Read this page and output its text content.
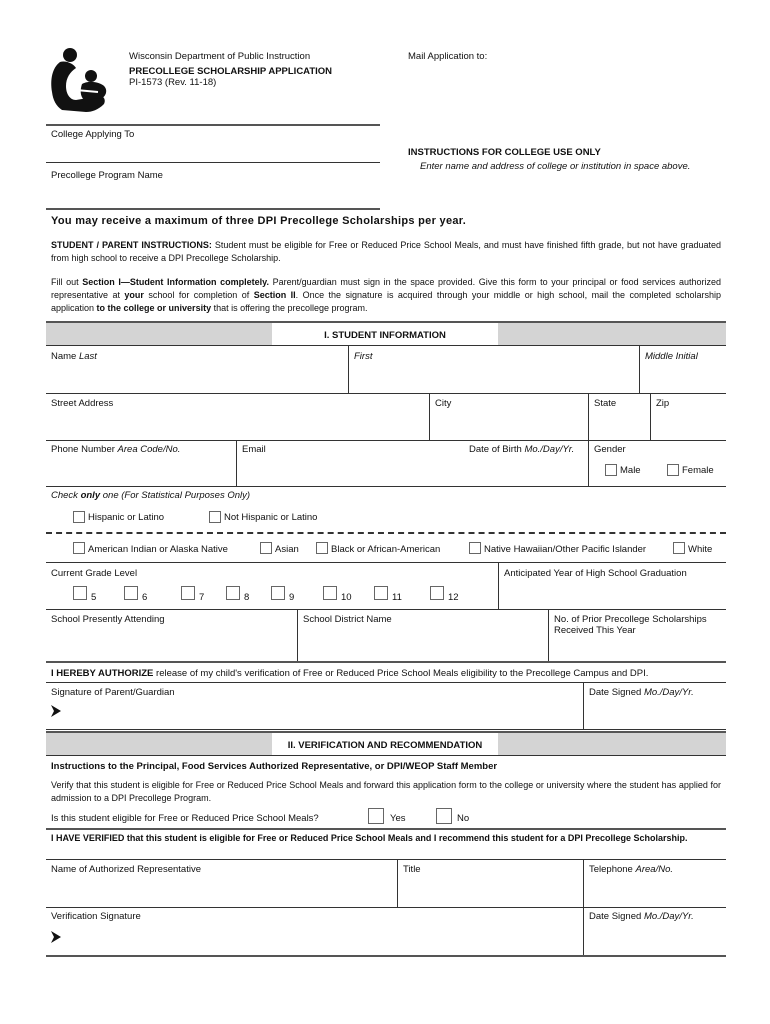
Wisconsin Department of Public Instruction
PRECOLLEGE SCHOLARSHIP APPLICATION
PI-1573 (Rev. 11-18)
Mail Application to:
College Applying To
Precollege Program Name
INSTRUCTIONS FOR COLLEGE USE ONLY
Enter name and address of college or institution in space above.
You may receive a maximum of three DPI Precollege Scholarships per year.

STUDENT / PARENT INSTRUCTIONS: Student must be eligible for Free or Reduced Price School Meals, and must have finished fifth grade, but not have graduated from high school to receive a DPI Precollege Scholarship.

Fill out Section I—Student Information completely. Parent/guardian must sign in the space provided. Give this form to your principal or food services authorized representative at your school for completion of Section II. Once the signature is acquired through your middle or high school, mail the completed scholarship application to the college or university that is offering the precollege program.

I. STUDENT INFORMATION
Name Last	First	Middle Initial
Street Address	City	State	Zip
Phone Number Area Code/No.	Email	Date of Birth Mo./Day/Yr. Gender
Male	Female
Check only one (For Statistical Purposes Only)
Hispanic or Latino	Not Hispanic or Latino
American Indian or Alaska Native	Asian	Black or African-American	Native Hawaiian/Other Pacific Islander	White
Current Grade Level
5	6	7	8	9	10	11	12
Anticipated Year of High School Graduation
School Presently Attending	School District Name	No. of Prior Precollege Scholarships
Received This Year
I HEREBY AUTHORIZE release of my child's verification of Free or Reduced Price School Meals eligibility to the Precollege Campus and DPI.
Signature of Parent/Guardian	Date Signed Mo./Day/Yr.
II. VERIFICATION AND RECOMMENDATION
Instructions to the Principal, Food Services Authorized Representative, or DPI/WEOP Staff Member

Verify that this student is eligible for Free or Reduced Price School Meals and forward this application form to the college or university where the student has applied for admission to a DPI Precollege Program.

Is this student eligible for Free or Reduced Price School Meals?	Yes	No

I HAVE VERIFIED that this student is eligible for Free or Reduced Price School Meals and I recommend this student for a DPI Precollege Scholarship.

Name of Authorized Representative	Title	Telephone Area/No.
Verification Signature	Date Signed Mo./Day/Yr.
